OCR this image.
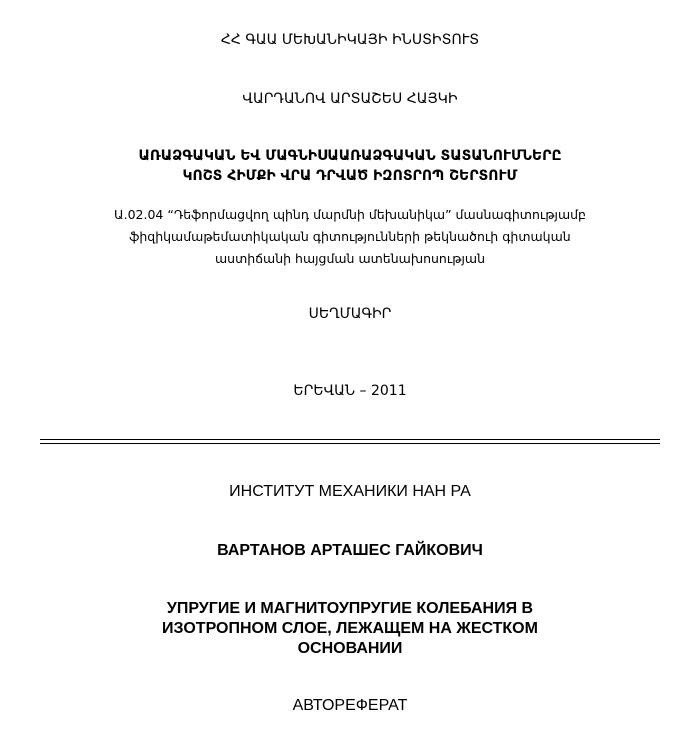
ՀՀ ԳԱԱ ՄԵԽԱՆԻԿԱՅԻ ԻՆՍՏԻՏՈՒՏ
ՎԱՐԴԱՆՈՎ ԱՐՏԱՇԵՍ ՀԱՅԿԻ
ԱՌԱՁԳԱԿԱՆ ԵՎ ՄԱԳՆԻՍԱԱՌԱՁԳԱԿԱՆ ՏԱՏԱՆՈՒՄՆԵՐԸ
ԿՈՇՏ ՀԻՄՔԻ ՎՐԱ ԴՐՎԱԾ ԻԶՈՏՐՈՊ ՇԵՐՏՈՒՄ
Ա.02.04 “Դեֆորմացվող պինդ մարմնի մեխանիկա” մասնագիտությամբ
ֆիզիկամաթեմատիկական գիտությունների թեկնածուի գիտական
աստիճանի հայցման ատենախոսության
ՍԵՂՄԱԳԻՐ
ԵՐԵՎԱՆ – 2011
ИНСТИТУТ МЕХАНИКИ НАН РА
ВАРТАНОВ АРТАШЕС ГАЙКОВИЧ
УПРУГИЕ И МАГНИТОУПРУГИЕ КОЛЕБАНИЯ В
ИЗОТРОПНОМ СЛОЕ, ЛЕЖАЩЕМ НА ЖЕСТКОМ
ОСНОВАНИИ
АВТОРЕФЕРАТ
